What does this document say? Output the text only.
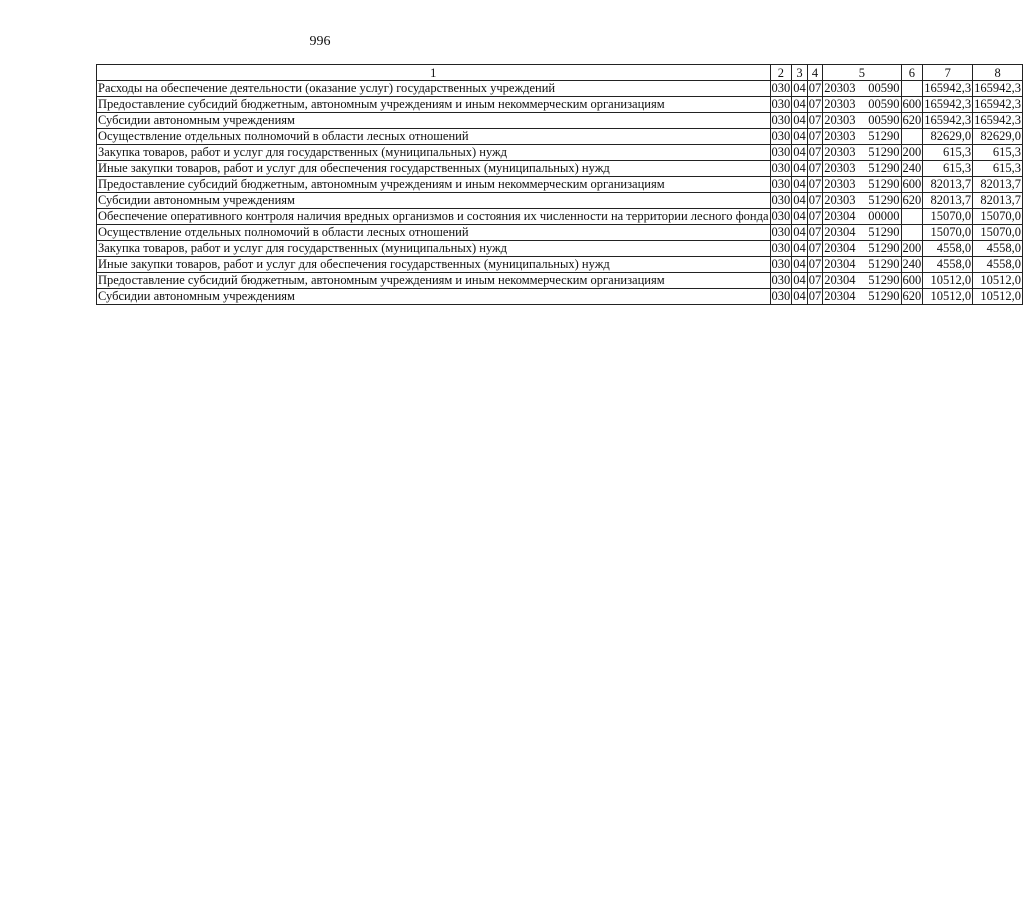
996
1	2	3	4	5	6	7	8
Расходы на обеспечение деятельности (оказание услуг) государственных учреждений	030	04	07	20303 00590		165942,3	165942,3
Предоставление субсидий бюджетным, автономным учреждениям и иным некоммерческим организациям	030	04	07	20303 00590	600	165942,3	165942,3
Субсидии автономным учреждениям	030	04	07	20303 00590	620	165942,3	165942,3
Осуществление отдельных полномочий в области лесных отношений	030	04	07	20303 51290		82629,0	82629,0
Закупка товаров, работ и услуг для государственных (муниципальных) нужд	030	04	07	20303 51290	200	615,3	615,3
Иные закупки товаров, работ и услуг для обеспечения государственных (муниципальных) нужд	030	04	07	20303 51290	240	615,3	615,3
Предоставление субсидий бюджетным, автономным учреждениям и иным некоммерческим организациям	030	04	07	20303 51290	600	82013,7	82013,7
Субсидии автономным учреждениям	030	04	07	20303 51290	620	82013,7	82013,7
Обеспечение оперативного контроля наличия вредных организмов и состояния их численности на территории лесного фонда	030	04	07	20304 00000		15070,0	15070,0
Осуществление отдельных полномочий в области лесных отношений	030	04	07	20304 51290		15070,0	15070,0
Закупка товаров, работ и услуг для государственных (муниципальных) нужд	030	04	07	20304 51290	200	4558,0	4558,0
Иные закупки товаров, работ и услуг для обеспечения государственных (муниципальных) нужд	030	04	07	20304 51290	240	4558,0	4558,0
Предоставление субсидий бюджетным, автономным учреждениям и иным некоммерческим организациям	030	04	07	20304 51290	600	10512,0	10512,0
Субсидии автономным учреждениям	030	04	07	20304 51290	620	10512,0	10512,0
